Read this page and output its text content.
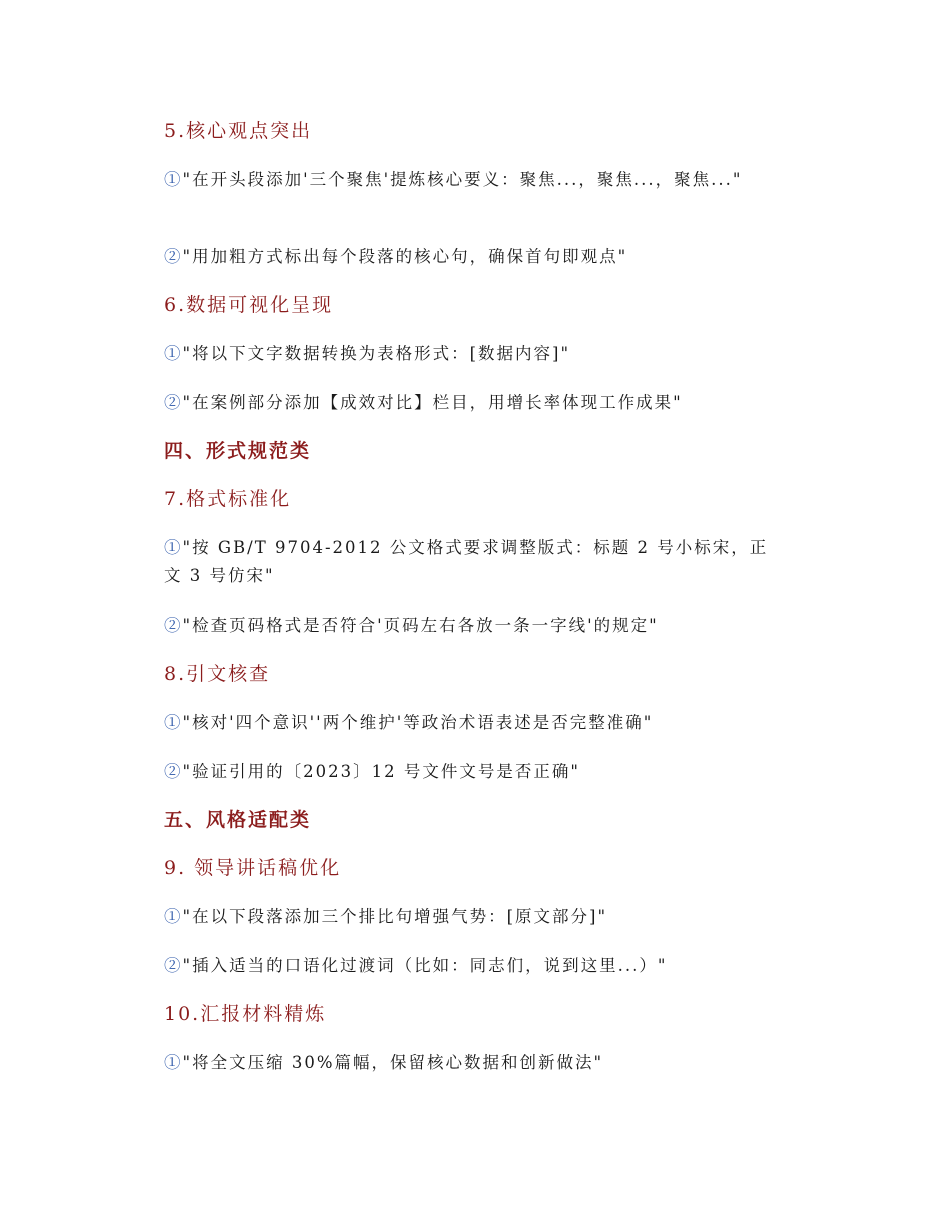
5.核心观点突出
①"在开头段添加'三个聚焦'提炼核心要义：聚焦...，聚焦...，聚焦..."
②"用加粗方式标出每个段落的核心句，确保首句即观点"
6.数据可视化呈现
①"将以下文字数据转换为表格形式：[数据内容]"
②"在案例部分添加【成效对比】栏目，用增长率体现工作成果"
四、形式规范类
7.格式标准化
①"按 GB/T 9704-2012 公文格式要求调整版式：标题 2 号小标宋，正文 3 号仿宋"
②"检查页码格式是否符合'页码左右各放一条一字线'的规定"
8.引文核查
①"核对'四个意识''两个维护'等政治术语表述是否完整准确"
②"验证引用的〔2023〕12 号文件文号是否正确"
五、风格适配类
9. 领导讲话稿优化
①"在以下段落添加三个排比句增强气势：[原文部分]"
②"插入适当的口语化过渡词（比如：同志们，说到这里...）"
10.汇报材料精炼
①"将全文压缩 30%篇幅，保留核心数据和创新做法"
